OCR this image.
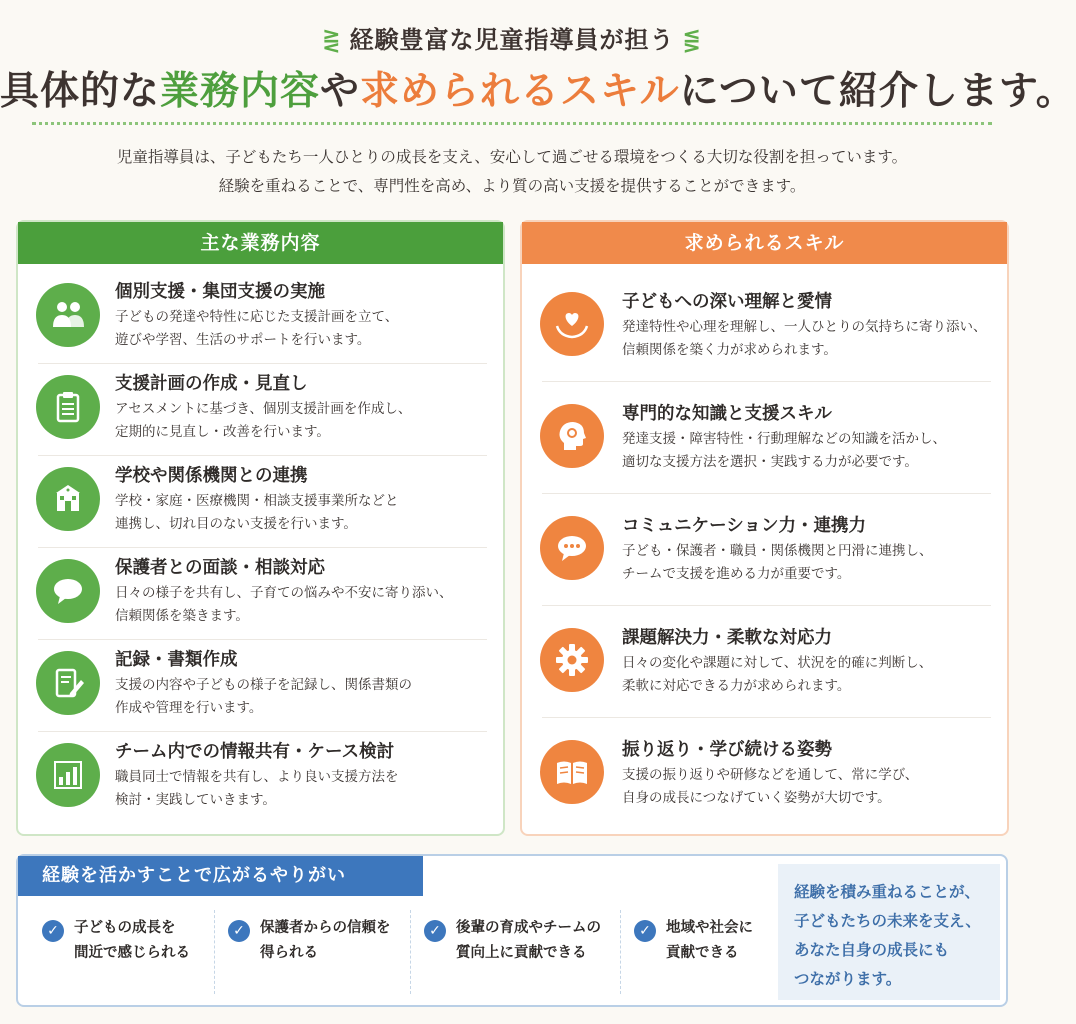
⋛ 経験豊富な児童指導員が担う ⋚
具体的な業務内容や求められるスキルについて紹介します。
児童指導員は、子どもたち一人ひとりの成長を支え、安心して過ごせる環境をつくる大切な役割を担っています。
経験を重ねることで、専門性を高め、より質の高い支援を提供することができます。
主な業務内容
個別支援・集団支援の実施
子どもの発達や特性に応じた支援計画を立て、
遊びや学習、生活のサポートを行います。
支援計画の作成・見直し
アセスメントに基づき、個別支援計画を作成し、
定期的に見直し・改善を行います。
学校や関係機関との連携
学校・家庭・医療機関・相談支援事業所などと
連携し、切れ目のない支援を行います。
保護者との面談・相談対応
日々の様子を共有し、子育ての悩みや不安に寄り添い、
信頼関係を築きます。
記録・書類作成
支援の内容や子どもの様子を記録し、関係書類の
作成や管理を行います。
チーム内での情報共有・ケース検討
職員同士で情報を共有し、より良い支援方法を
検討・実践していきます。
求められるスキル
子どもへの深い理解と愛情
発達特性や心理を理解し、一人ひとりの気持ちに寄り添い、
信頼関係を築く力が求められます。
専門的な知識と支援スキル
発達支援・障害特性・行動理解などの知識を活かし、
適切な支援方法を選択・実践する力が必要です。
コミュニケーション力・連携力
子ども・保護者・職員・関係機関と円滑に連携し、
チームで支援を進める力が重要です。
課題解決力・柔軟な対応力
日々の変化や課題に対して、状況を的確に判断し、
柔軟に対応できる力が求められます。
振り返り・学び続ける姿勢
支援の振り返りや研修などを通して、常に学び、
自身の成長につなげていく姿勢が大切です。
経験を活かすことで広がるやりがい
✓	子どもの成長を
間近で感じられる
✓	保護者からの信頼を
得られる
✓	後輩の育成やチームの
質向上に貢献できる
✓	地域や社会に
貢献できる
経験を積み重ねることが、
子どもたちの未来を支え、
あなた自身の成長にも
つながります。
